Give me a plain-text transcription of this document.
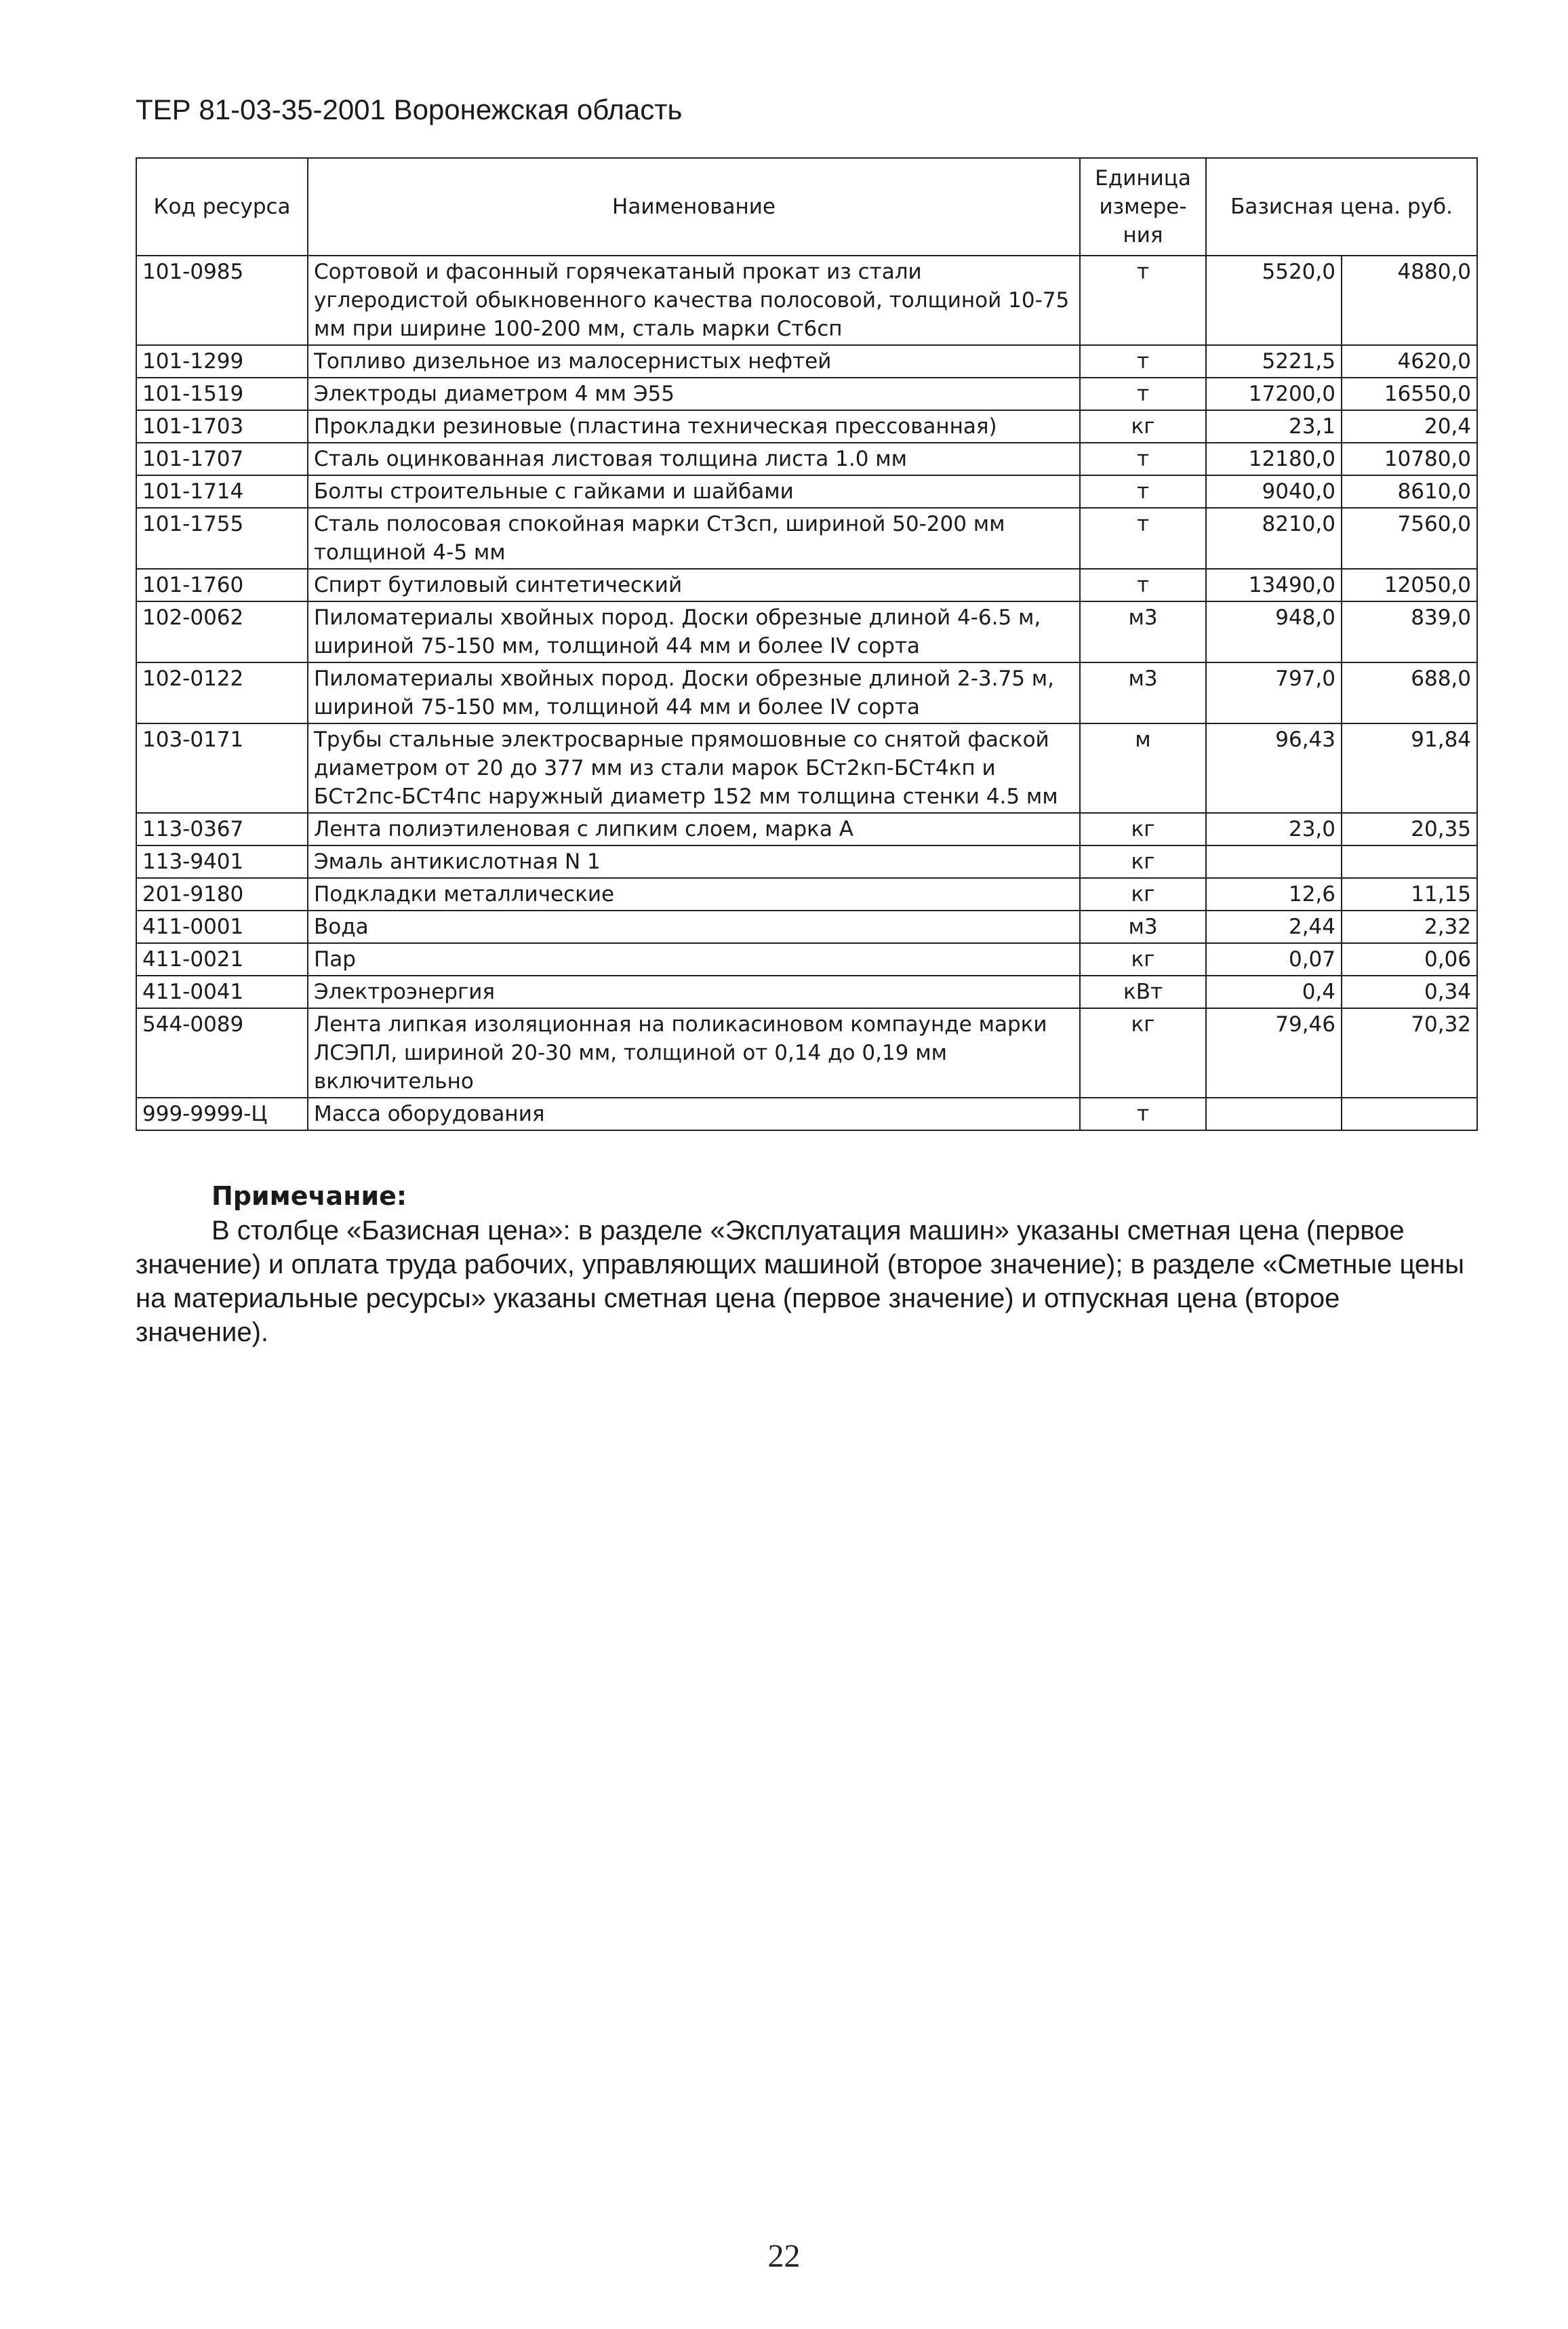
ТЕР 81-03-35-2001 Воронежская область
Код ресурса	Наименование	Единица измере-ния	Базисная цена. руб.	
101-0985	Сортовой и фасонный горячекатаный прокат из стали углеродистой обыкновенного качества полосовой, толщиной 10-75 мм при ширине 100-200 мм, сталь марки Ст6сп	т	5520,0	4880,0
101-1299	Топливо дизельное из малосернистых нефтей	т	5221,5	4620,0
101-1519	Электроды диаметром 4 мм Э55	т	17200,0	16550,0
101-1703	Прокладки резиновые (пластина техническая прессованная)	кг	23,1	20,4
101-1707	Сталь оцинкованная листовая толщина листа 1.0 мм	т	12180,0	10780,0
101-1714	Болты строительные с гайками и шайбами	т	9040,0	8610,0
101-1755	Сталь полосовая спокойная марки Ст3сп, шириной 50-200 мм толщиной 4-5 мм	т	8210,0	7560,0
101-1760	Спирт бутиловый синтетический	т	13490,0	12050,0
102-0062	Пиломатериалы хвойных пород. Доски обрезные длиной 4-6.5 м, шириной 75-150 мм, толщиной 44 мм и более IV сорта	м3	948,0	839,0
102-0122	Пиломатериалы хвойных пород. Доски обрезные длиной 2-3.75 м, шириной 75-150 мм, толщиной 44 мм и более IV сорта	м3	797,0	688,0
103-0171	Трубы стальные электросварные прямошовные со снятой фаской диаметром от 20 до 377 мм из стали марок БСт2кп-БСт4кп и БСт2пс-БСт4пс наружный диаметр 152 мм толщина стенки 4.5 мм	м	96,43	91,84
113-0367	Лента полиэтиленовая с липким слоем, марка А	кг	23,0	20,35
113-9401	Эмаль антикислотная N 1	кг		
201-9180	Подкладки металлические	кг	12,6	11,15
411-0001	Вода	м3	2,44	2,32
411-0021	Пар	кг	0,07	0,06
411-0041	Электроэнергия	кВт	0,4	0,34
544-0089	Лента липкая изоляционная на поликасиновом компаунде марки ЛСЭПЛ, шириной 20-30 мм, толщиной от 0,14 до 0,19 мм включительно	кг	79,46	70,32
999-9999-Ц	Масса оборудования	т		
Примечание:
В столбце «Базисная цена»: в разделе «Эксплуатация машин» указаны сметная цена (первое значение) и оплата труда рабочих, управляющих машиной (второе значение); в разделе «Сметные цены на материальные ресурсы» указаны сметная цена (первое значение) и отпускная цена (второе значение).
22
